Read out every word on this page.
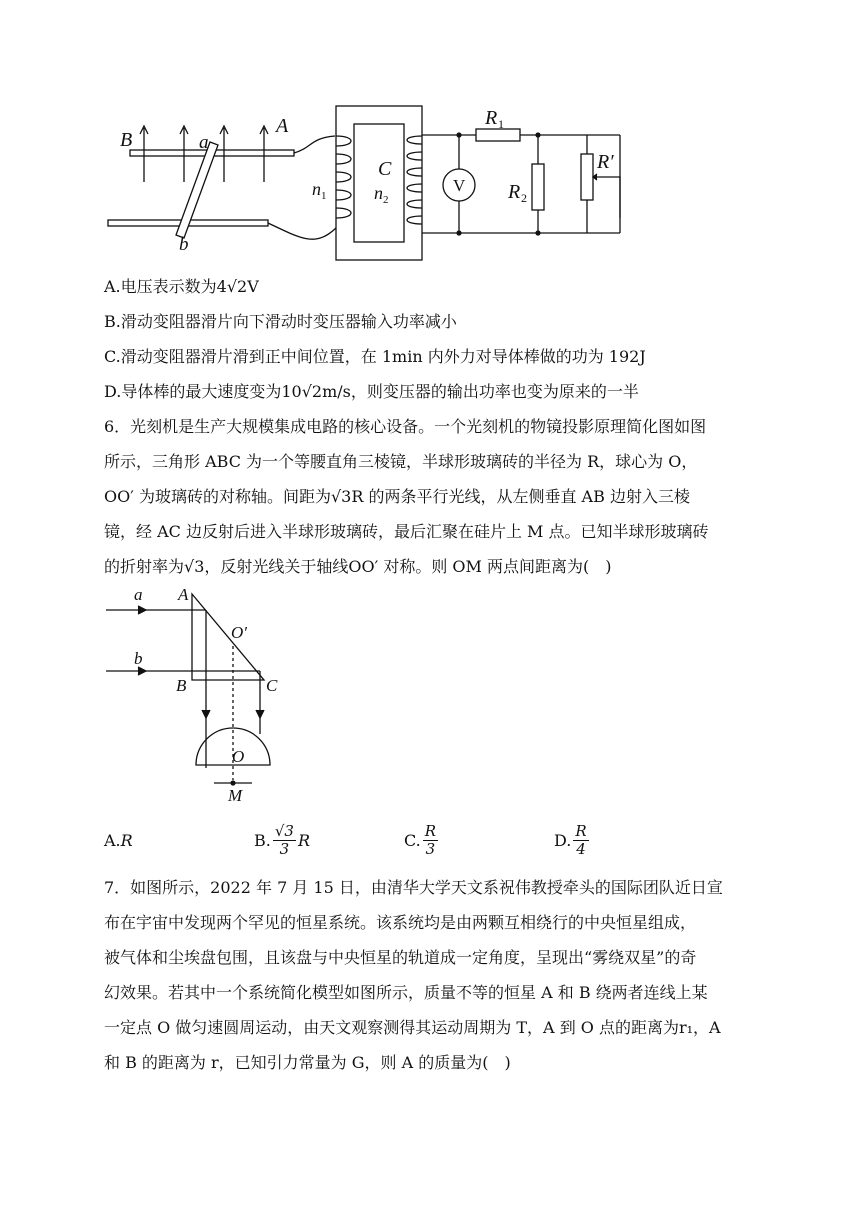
V
B	a
A
b
n 1
C
n 2
R 1
R 2
R′
A.电压表示数为4√2V
B.滑动变阻器滑片向下滑动时变压器输入功率减小
C.滑动变阻器滑片滑到正中间位置，在 1min 内外力对导体棒做的功为 192J
D.导体棒的最大速度变为10√2m/s，则变压器的输出功率也变为原来的一半
6．光刻机是生产大规模集成电路的核心设备。一个光刻机的物镜投影原理简化图如图
所示，三角形 ABC 为一个等腰直角三棱镜，半球形玻璃砖的半径为 R，球心为 O，
OO′ 为玻璃砖的对称轴。间距为√3R 的两条平行光线，从左侧垂直 AB 边射入三棱
镜，经 AC 边反射后进入半球形玻璃砖，最后汇聚在硅片上 M 点。已知半球形玻璃砖
的折射率为√3，反射光线关于轴线OO′ 对称。则 OM 两点间距离为(　)
a A
O′
b
B	C
O
M
A. R	B. $\frac{√3}{3}$ R	C. $\frac{R}{3}$	D. $\frac{R}{4}$
7．如图所示，2022 年 7 月 15 日，由清华大学天文系祝伟教授牵头的国际团队近日宣
布在宇宙中发现两个罕见的恒星系统。该系统均是由两颗互相绕行的中央恒星组成，
被气体和尘埃盘包围，且该盘与中央恒星的轨道成一定角度，呈现出“雾绕双星”的奇
幻效果。若其中一个系统简化模型如图所示，质量不等的恒星 A 和 B 绕两者连线上某
一定点 O 做匀速圆周运动，由天文观察测得其运动周期为 T，A 到 O 点的距离为r₁，A
和 B 的距离为 r，已知引力常量为 G，则 A 的质量为(　)
